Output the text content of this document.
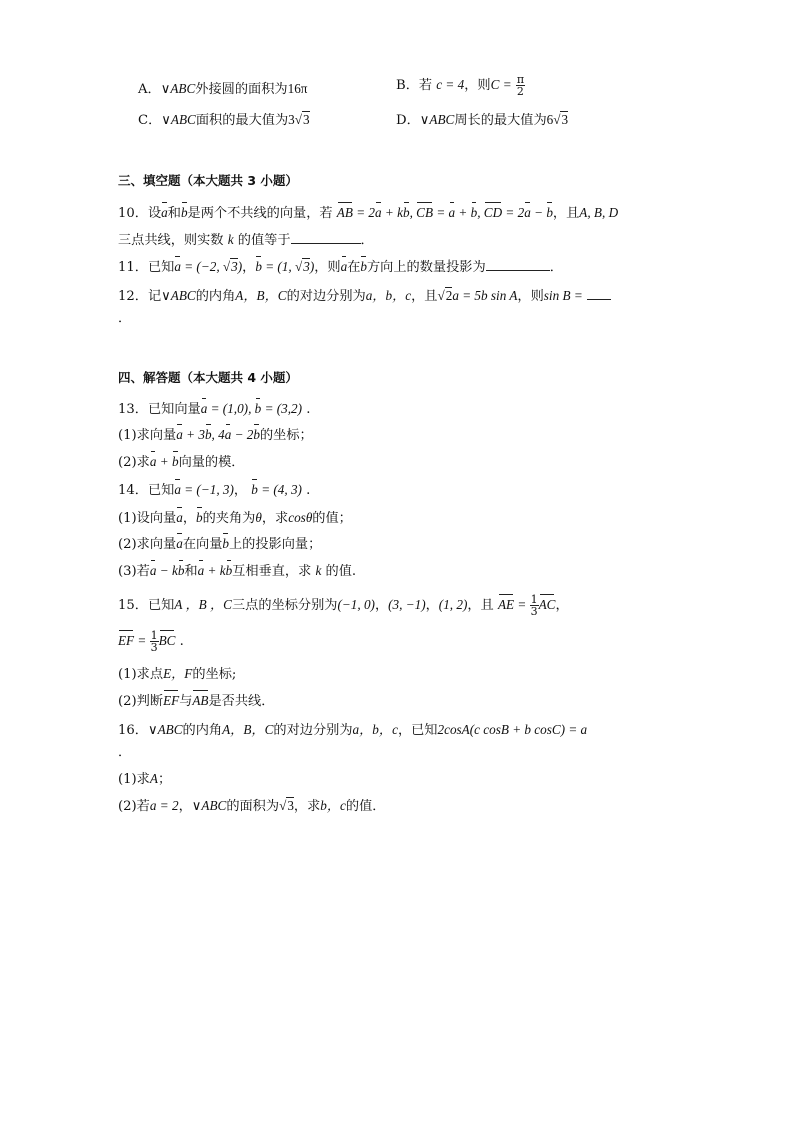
A．∨ABC外接圆的面积为16π	B．若 c = 4，则$C = \frac{\pi}{2}$
C．∨ABC面积的最大值为3√3	D．∨ABC周长的最大值为6√3
三、填空题（本大题共 3 小题）
10．设a和b是两个不共线的向量，若 AB = 2a + kb, CB = a + b, CD = 2a − b，且A, B, D
三点共线，则实数 k 的值等于	．
11．已知a = (−2, √3)，b = (1, √3)，则a在b方向上的数量投影为	．
12．记∨ABC的内角A，B，C的对边分别为a，b，c，且√2a = 5b sin A，则sin B =
．
四、解答题（本大题共 4 小题）
13．已知向量a = (1,0), b = (3,2) .
(1)求向量a + 3b, 4a − 2b的坐标；
(2)求a + b向量的模．
14．已知a = (−1, 3)， b = (4, 3) .
(1)设向量a，b的夹角为θ，求cosθ的值；
(2)求向量a在向量b上的投影向量；
(3)若a − kb和a + kb互相垂直，求 k 的值.
15．已知A ，B ，C三点的坐标分别为(−1, 0)，(3, −1)，(1, 2)，且 AE = $\frac{1}{3}$ AC，
EF = $\frac{1}{3}$ BC .
(1)求点E，F的坐标;
(2)判断EF与AB是否共线．
16．∨ABC的内角A，B，C的对边分别为a，b，c，已知2cosA(c cosB + b cosC) = a
．
(1)求A；
(2)若a = 2，∨ABC的面积为√3，求b，c的值．
